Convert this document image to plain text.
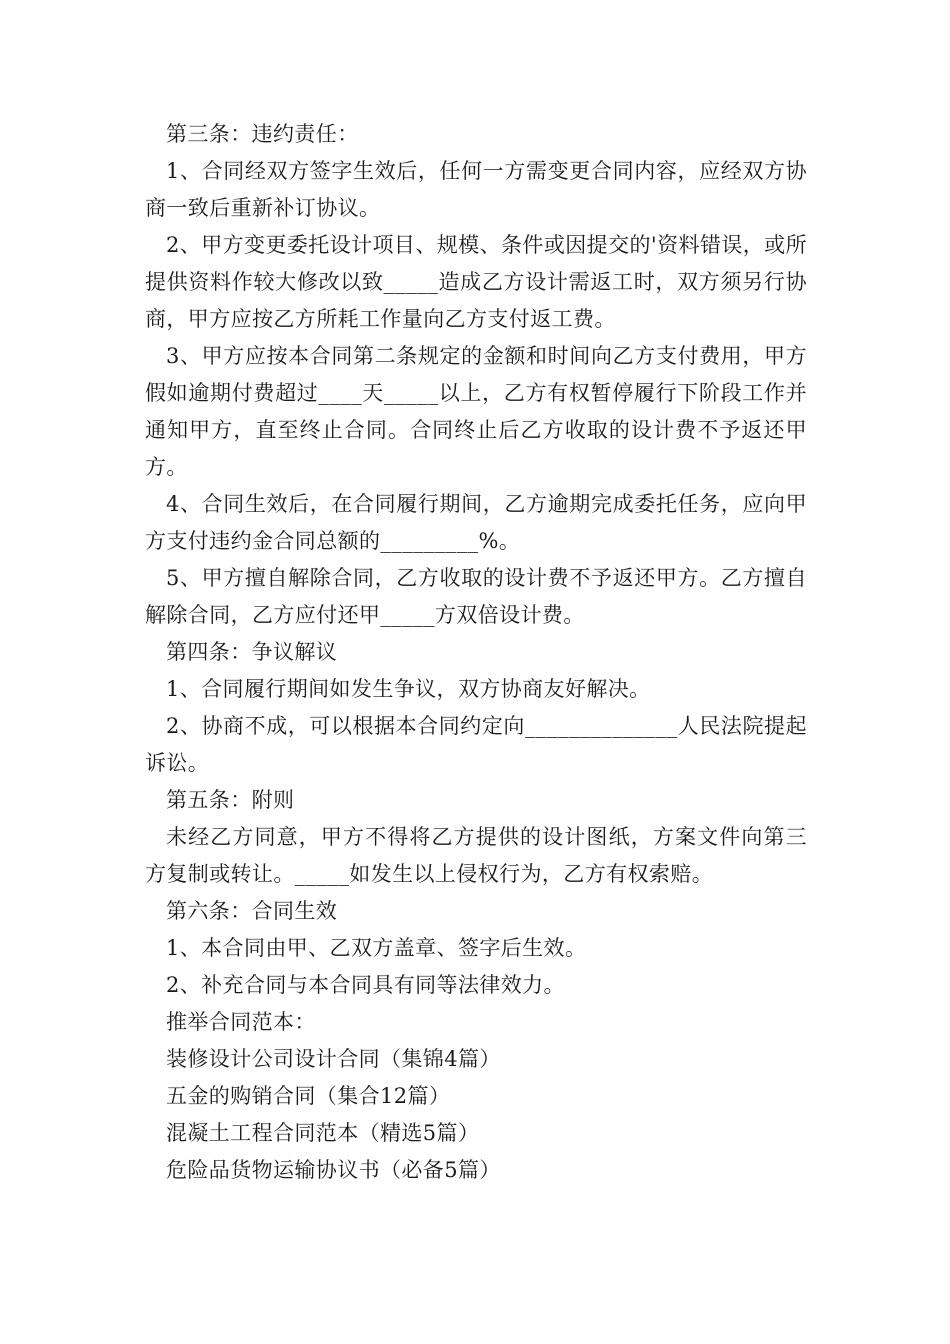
第三条：违约责任：

1、合同经双方签字生效后，任何一方需变更合同内容，应经双方协商一致后重新补订协议。

2、甲方变更委托设计项目、规模、条件或因提交的'资料错误，或所提供资料作较大修改以致_____造成乙方设计需返工时，双方须另行协商，甲方应按乙方所耗工作量向乙方支付返工费。

3、甲方应按本合同第二条规定的金额和时间向乙方支付费用，甲方假如逾期付费超过____天_____以上，乙方有权暂停履行下阶段工作并通知甲方，直至终止合同。合同终止后乙方收取的设计费不予返还甲方。

4、合同生效后，在合同履行期间，乙方逾期完成委托任务，应向甲方支付违约金合同总额的_________%。

5、甲方擅自解除合同，乙方收取的设计费不予返还甲方。乙方擅自解除合同，乙方应付还甲_____方双倍设计费。

第四条：争议解议

1、合同履行期间如发生争议，双方协商友好解决。

2、协商不成，可以根据本合同约定向______________人民法院提起诉讼。

第五条：附则

未经乙方同意，甲方不得将乙方提供的设计图纸，方案文件向第三方复制或转让。_____如发生以上侵权行为，乙方有权索赔。

第六条：合同生效

1、本合同由甲、乙双方盖章、签字后生效。

2、补充合同与本合同具有同等法律效力。

推举合同范本：

装修设计公司设计合同（集锦4篇）

五金的购销合同（集合12篇）

混凝土工程合同范本（精选5篇）

危险品货物运输协议书（必备5篇）
